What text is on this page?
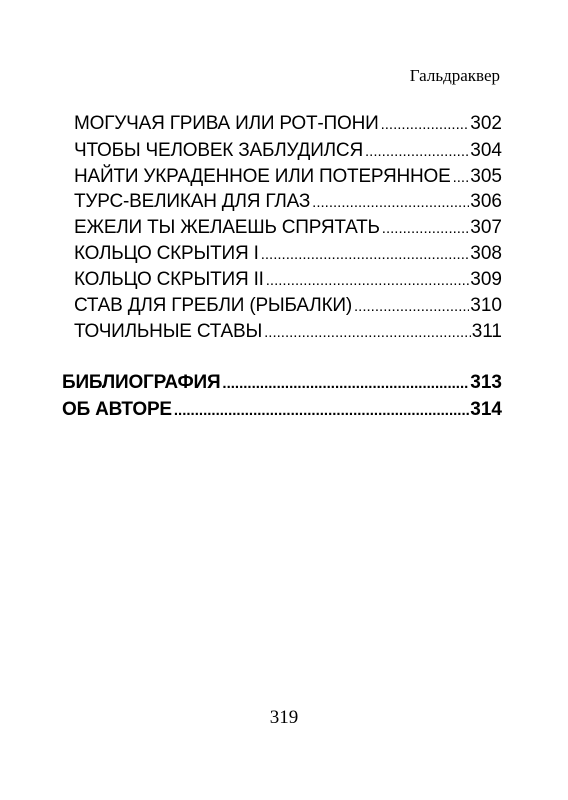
Гальдраквер
МОГУЧАЯ ГРИВА ИЛИ РОТ-ПОНИ .....	302
ЧТОБЫ ЧЕЛОВЕК ЗАБЛУДИЛСЯ .....	304
НАЙТИ УКРАДЕННОЕ ИЛИ ПОТЕРЯННОЕ ..... 305
ТУРС-ВЕЛИКАН ДЛЯ ГЛАЗ .....	306
ЕЖЕЛИ ТЫ ЖЕЛАЕШЬ СПРЯТАТЬ .....	307
КОЛЬЦО СКРЫТИЯ I .....	308
КОЛЬЦО СКРЫТИЯ II .....	309
СТАВ ДЛЯ ГРЕБЛИ (РЫБАЛКИ) .....	310
ТОЧИЛЬНЫЕ СТАВЫ .....	311
БИБЛИОГРАФИЯ .....	313
ОБ АВТОРЕ .....	314
319
